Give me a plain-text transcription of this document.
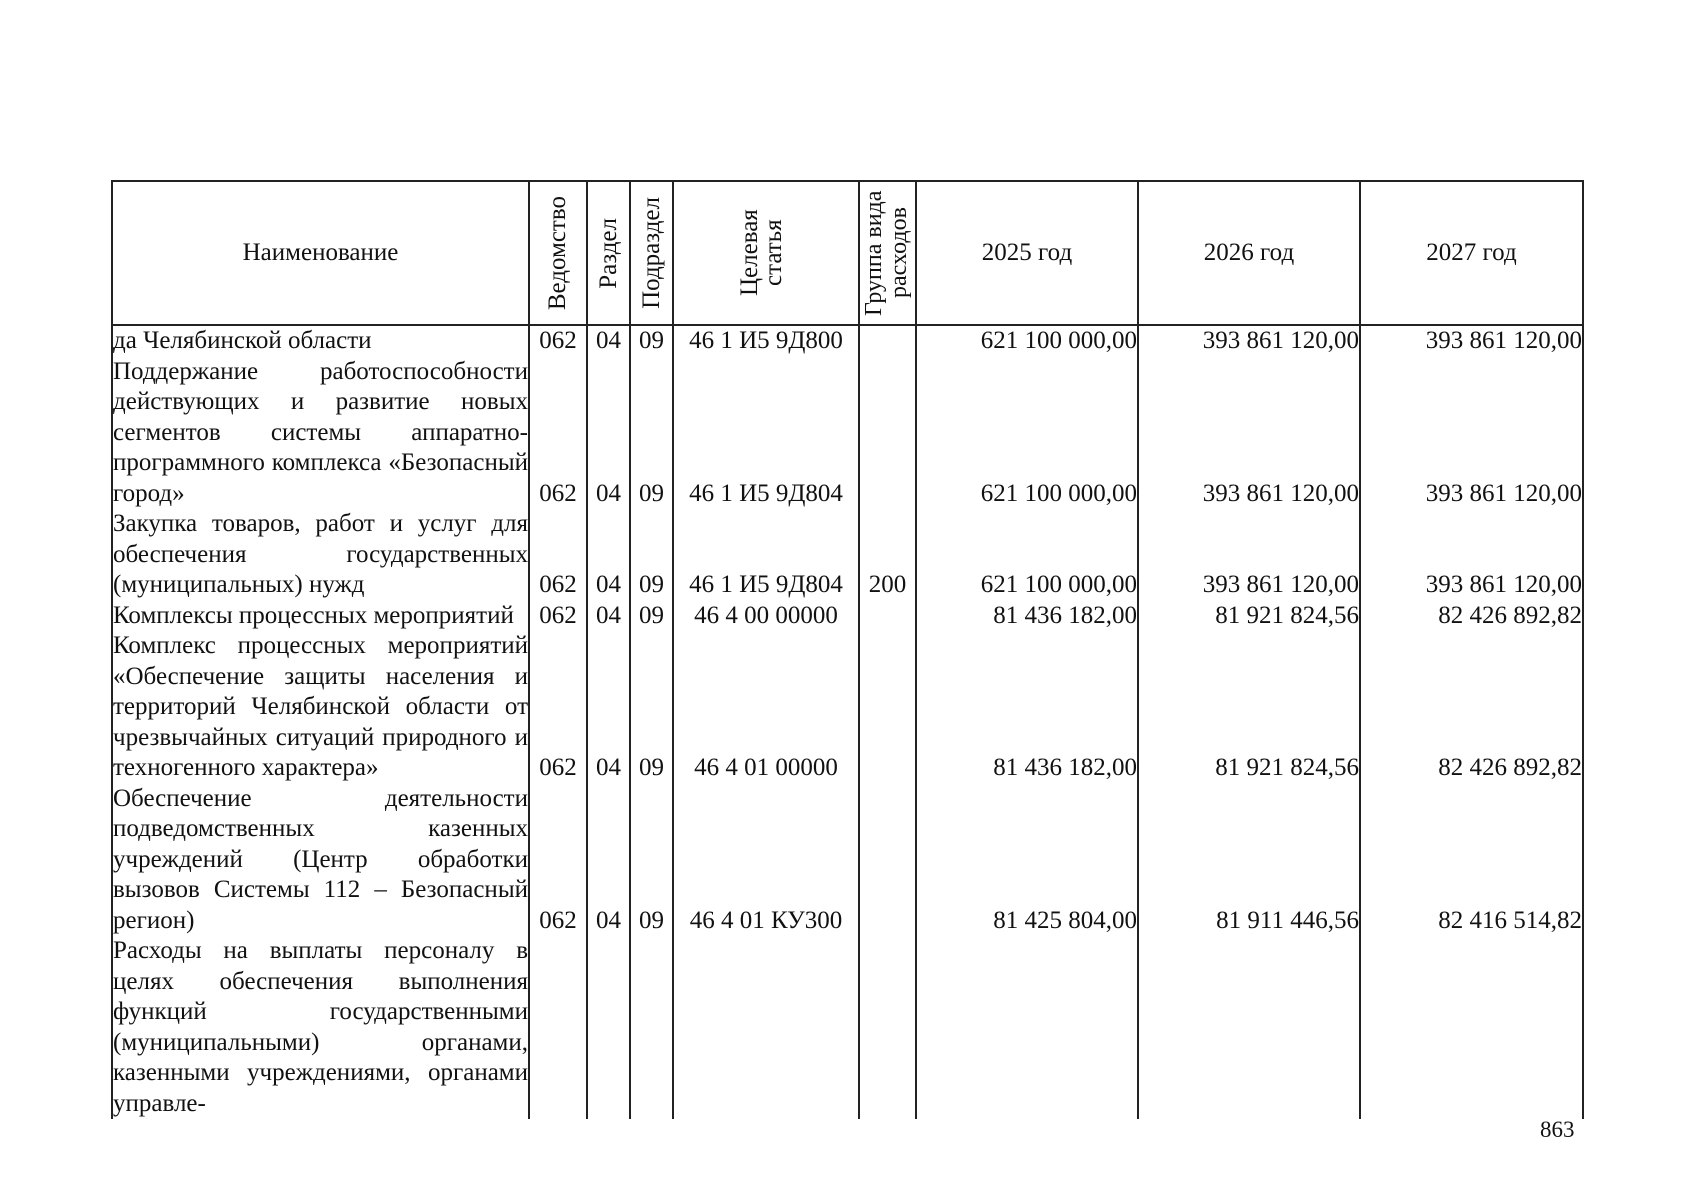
Наименование	Ведомство	Раздел	Подраздел	Целевая статья	Группа вида расходов	2025 год	2026 год	2027 год
да Челябинской области	062	04	09	46 1 И5 9Д800		621 100 000,00	393 861 120,00	393 861 120,00
Поддержание работоспособности действующих и развитие новых сегментов системы аппаратно-программного комплекса «Безопасный город»	062	04	09	46 1 И5 9Д804		621 100 000,00	393 861 120,00	393 861 120,00
Закупка товаров, работ и услуг для обеспечения государственных (муниципальных) нужд	062	04	09	46 1 И5 9Д804	200	621 100 000,00	393 861 120,00	393 861 120,00
Комплексы процессных мероприятий	062	04	09	46 4 00 00000		81 436 182,00	81 921 824,56	82 426 892,82
Комплекс процессных мероприятий «Обеспечение защиты населения и территорий Челябинской области от чрезвычайных ситуаций природного и техногенного характера»	062	04	09	46 4 01 00000		81 436 182,00	81 921 824,56	82 426 892,82
Обеспечение деятельности подведомственных казенных учреждений (Центр обработки вызовов Системы 112 – Безопасный регион)	062	04	09	46 4 01 КУ300		81 425 804,00	81 911 446,56	82 416 514,82
Расходы на выплаты персоналу в целях обеспечения выполнения функций государственными (муниципальными) органами, казенными учреждениями, органами управле-								
863
